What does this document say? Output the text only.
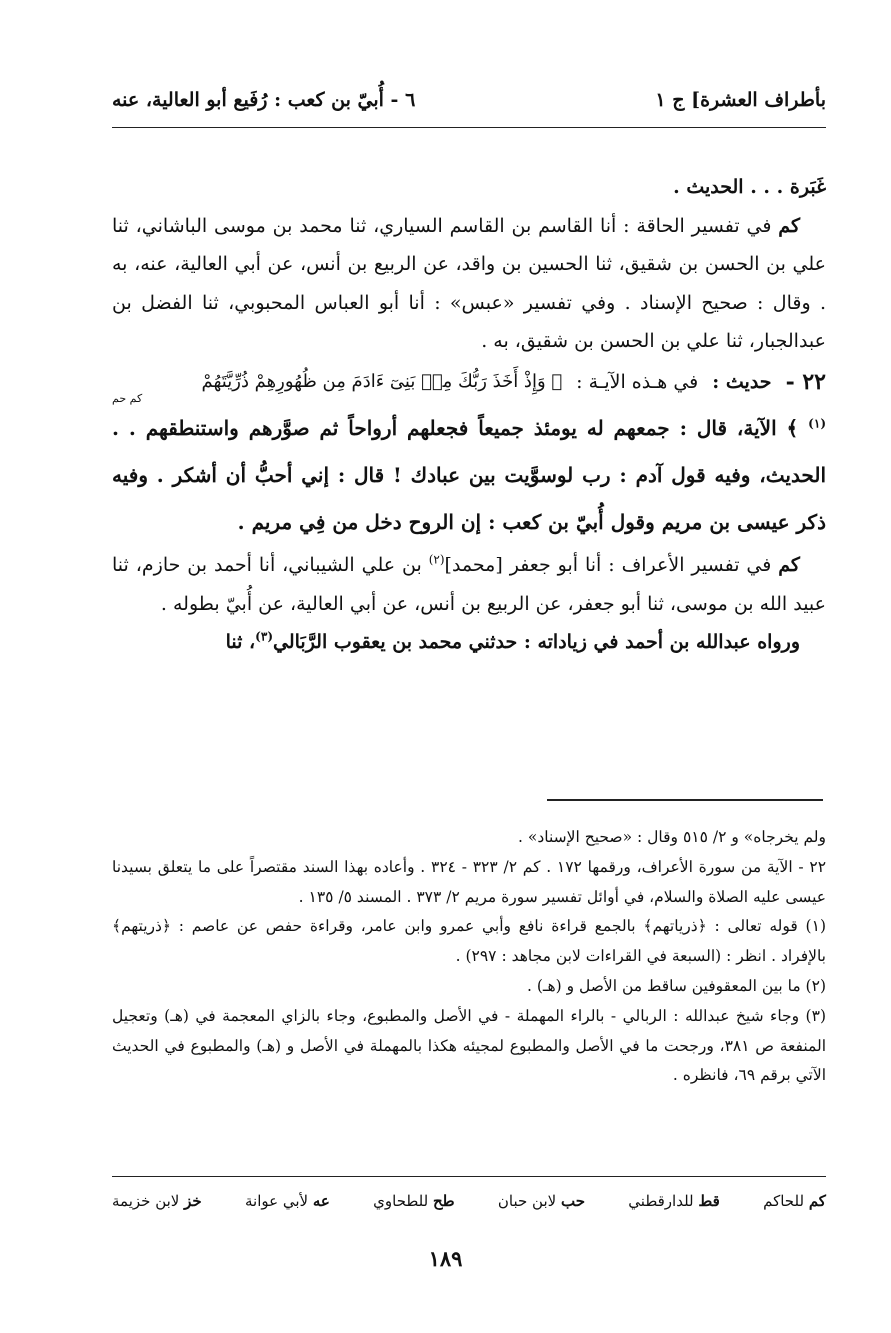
بأطراف العشرة] ج ١
٦ - أُبيّ بن كعب : رُفَيع أبو العالية، عنه

غَبَرة . . . الحديث .

كم في تفسير الحاقة : أنا القاسم بن القاسم السياري، ثنا محمد بن موسى الباشاني، ثنا علي بن الحسن بن شقيق، ثنا الحسين بن واقد، عن الربيع بن أنس، عن أبي العالية، عنه، به . وقال : صحيح الإسناد . وفي تفسير «عبس» : أنا أبو العباس المحبوبي، ثنا الفضل بن عبدالجبار، ثنا علي بن الحسن بن شقيق، به .

٢٢ -
حديث :
في هـذه الآيـة :
﴿ وَإِذْ أَخَذَ رَبُّكَ مِنۢ بَنِىٓ ءَادَمَ مِن ظُهُورِهِمْ ذُرِّيَّتَهُمْ
كم حم

$^{(١)}$ ﴾ الآية، قال : جمعهم له يومئذ جميعاً فجعلهم أرواحاً ثم صوَّرهم واستنطقهم . . الحديث، وفيه قول آدم : رب لوسوَّيت بين عبادك ! قال : إني أحبُّ أن أشكر . وفيه ذكر عيسى بن مريم وقول أُبيّ بن كعب : إن الروح دخل من فِي مريم .

كم في تفسير الأعراف : أنا أبو جعفر [محمد]$^{(٢)}$ بن علي الشيباني، أنا أحمد بن حازم، ثنا عبيد الله بن موسى، ثنا أبو جعفر، عن الربيع بن أنس، عن أبي العالية، عن أُبيّ بطوله .

ورواه عبدالله بن أحمد في زياداته : حدثني محمد بن يعقوب الرَّبَالي$^{(٣)}$، ثنا

ولم يخرجاه» و ٢/ ٥١٥ وقال : «صحيح الإسناد» .

٢٢ - الآية من سورة الأعراف، ورقمها ١٧٢ . كم ٢/ ٣٢٣ - ٣٢٤ . وأعاده بهذا السند مقتصراً على ما يتعلق بسيدنا عيسى عليه الصلاة والسلام، في أوائل تفسير سورة مريم ٢/ ٣٧٣ . المسند ٥/ ١٣٥ .

(١) قوله تعالى : ﴿ذرياتهم﴾ بالجمع قراءة نافع وأبي عمرو وابن عامر، وقراءة حفص عن عاصم : ﴿ذريتهم﴾ بالإفراد . انظر : (السبعة في القراءات لابن مجاهد : ٢٩٧) .

(٢) ما بين المعقوفين ساقط من الأصل و (هـ) .

(٣) وجاء شيخ عبدالله : الربالي - بالراء المهملة - في الأصل والمطبوع، وجاء بالزاي المعجمة في (هـ) وتعجيل المنفعة ص ٣٨١، ورجحت ما في الأصل والمطبوع لمجيئه هكذا بالمهملة في الأصل و (هـ) والمطبوع في الحديث الآتي برقم ٦٩، فانظره .

خز لابن خزيمة	عه لأبي عوانة	طح للطحاوي	حب لابن حبان	قط للدارقطني	كم للحاكم
١٨٩
